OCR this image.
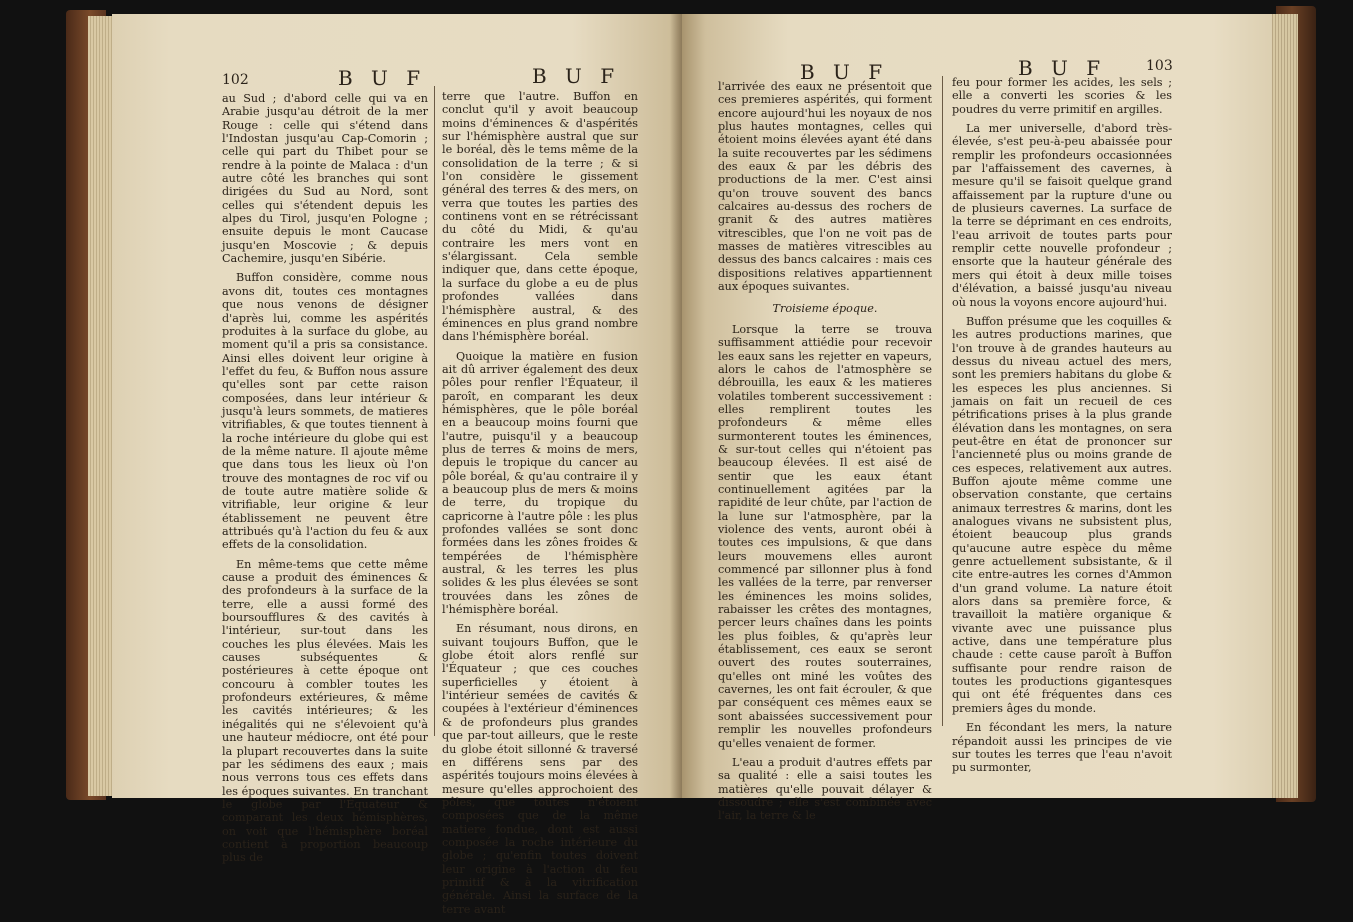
102	B U F	B U F

au Sud ; d'abord celle qui va en Arabie jusqu'au détroit de la mer Rouge : celle qui s'étend dans l'Indostan jusqu'au Cap-Comorin ; celle qui part du Thibet pour se rendre à la pointe de Malaca : d'un autre côté les branches qui sont dirigées du Sud au Nord, sont celles qui s'étendent depuis les alpes du Tirol, jusqu'en Pologne ; ensuite depuis le mont Caucase jusqu'en Moscovie ; & depuis Cachemire, jusqu'en Sibérie.

Buffon considère, comme nous avons dit, toutes ces montagnes que nous venons de désigner d'après lui, comme les aspérités produites à la surface du globe, au moment qu'il a pris sa consistance. Ainsi elles doivent leur origine à l'effet du feu, & Buffon nous assure qu'elles sont par cette raison composées, dans leur intérieur & jusqu'à leurs sommets, de matieres vitrifiables, & que toutes tiennent à la roche intérieure du globe qui est de la même nature. Il ajoute même que dans tous les lieux où l'on trouve des montagnes de roc vif ou de toute autre matière solide & vitrifiable, leur origine & leur établissement ne peuvent être attribués qu'à l'action du feu & aux effets de la consolidation.

En même-tems que cette même cause a produit des éminences & des profondeurs à la surface de la terre, elle a aussi formé des boursoufflures & des cavités à l'intérieur, sur-tout dans les couches les plus élevées. Mais les causes subséquentes & postérieures à cette époque ont concouru à combler toutes les profondeurs extérieures, & même les cavités intérieures; & les inégalités qui ne s'élevoient qu'à une hauteur médiocre, ont été pour la plupart recouvertes dans la suite par les sédimens des eaux ; mais nous verrons tous ces effets dans les époques suivantes. En tranchant le globe par l'Équateur & comparant les deux hémisphères, on voit que l'hémisphère boréal contient à proportion beaucoup plus de

terre que l'autre. Buffon en conclut qu'il y avoit beaucoup moins d'éminences & d'aspérités sur l'hémisphère austral que sur le boréal, dès le tems même de la consolidation de la terre ; & si l'on considère le gissement général des terres & des mers, on verra que toutes les parties des continens vont en se rétrécissant du côté du Midi, & qu'au contraire les mers vont en s'élargissant. Cela semble indiquer que, dans cette époque, la surface du globe a eu de plus profondes vallées dans l'hémisphère austral, & des éminences en plus grand nombre dans l'hémisphère boréal.

Quoique la matière en fusion ait dû arriver également des deux pôles pour renfler l'Équateur, il paroît, en comparant les deux hémisphères, que le pôle boréal en a beaucoup moins fourni que l'autre, puisqu'il y a beaucoup plus de terres & moins de mers, depuis le tropique du cancer au pôle boréal, & qu'au contraire il y a beaucoup plus de mers & moins de terre, du tropique du capricorne à l'autre pôle : les plus profondes vallées se sont donc formées dans les zônes froides & tempérées de l'hémisphère austral, & les terres les plus solides & les plus élevées se sont trouvées dans les zônes de l'hémisphère boréal.

En résumant, nous dirons, en suivant toujours Buffon, que le globe étoit alors renflé sur l'Équateur ; que ces couches superficielles y étoient à l'intérieur semées de cavités & coupées à l'extérieur d'éminences & de profondeurs plus grandes que par-tout ailleurs, que le reste du globe étoit sillonné & traversé en différens sens par des aspérités toujours moins élevées à mesure qu'elles approchoient des pôles, que toutes n'étoient composées que de la même matiere fondue, dont est aussi composée la roche intérieure du globe ; qu'enfin toutes doivent leur origine à l'action du feu primitif & à la vitrification générale. Ainsi la surface de la terre avant

B U F	B U F	103

l'arrivée des eaux ne présentoit que ces premieres aspérités, qui forment encore aujourd'hui les noyaux de nos plus hautes montagnes, celles qui étoient moins élevées ayant été dans la suite recouvertes par les sédimens des eaux & par les débris des productions de la mer. C'est ainsi qu'on trouve souvent des bancs calcaires au-dessus des rochers de granit & des autres matières vitrescibles, que l'on ne voit pas de masses de matières vitrescibles au dessus des bancs calcaires : mais ces dispositions relatives appartiennent aux époques suivantes.

Troisieme époque.

Lorsque la terre se trouva suffisamment attiédie pour recevoir les eaux sans les rejetter en vapeurs, alors le cahos de l'atmosphère se débrouilla, les eaux & les matieres volatiles tomberent successivement : elles remplirent toutes les profondeurs & même elles surmonterent toutes les éminences, & sur-tout celles qui n'étoient pas beaucoup élevées. Il est aisé de sentir que les eaux étant continuellement agitées par la rapidité de leur chûte, par l'action de la lune sur l'atmosphère, par la violence des vents, auront obéi à toutes ces impulsions, & que dans leurs mouvemens elles auront commencé par sillonner plus à fond les vallées de la terre, par renverser les éminences les moins solides, rabaisser les crêtes des montagnes, percer leurs chaînes dans les points les plus foibles, & qu'après leur établissement, ces eaux se seront ouvert des routes souterraines, qu'elles ont miné les voûtes des cavernes, les ont fait écrouler, & que par conséquent ces mêmes eaux se sont abaissées successivement pour remplir les nouvelles profondeurs qu'elles venaient de former.

L'eau a produit d'autres effets par sa qualité : elle a saisi toutes les matières qu'elle pouvait délayer & dissoudre ; elle s'est combinée avec l'air, la terre & le

feu pour former les acides, les sels ; elle a converti les scories & les poudres du verre primitif en argilles.

La mer universelle, d'abord très-élevée, s'est peu-à-peu abaissée pour remplir les profondeurs occasionnées par l'affaissement des cavernes, à mesure qu'il se faisoit quelque grand affaissement par la rupture d'une ou de plusieurs cavernes. La surface de la terre se déprimant en ces endroits, l'eau arrivoit de toutes parts pour remplir cette nouvelle profondeur ; ensorte que la hauteur générale des mers qui étoit à deux mille toises d'élévation, a baissé jusqu'au niveau où nous la voyons encore aujourd'hui.

Buffon présume que les coquilles & les autres productions marines, que l'on trouve à de grandes hauteurs au dessus du niveau actuel des mers, sont les premiers habitans du globe & les especes les plus anciennes. Si jamais on fait un recueil de ces pétrifications prises à la plus grande élévation dans les montagnes, on sera peut-être en état de prononcer sur l'ancienneté plus ou moins grande de ces especes, relativement aux autres. Buffon ajoute même comme une observation constante, que certains animaux terrestres & marins, dont les analogues vivans ne subsistent plus, étoient beaucoup plus grands qu'aucune autre espèce du même genre actuellement subsistante, & il cite entre-autres les cornes d'Ammon d'un grand volume. La nature étoit alors dans sa première force, & travailloit la matière organique & vivante avec une puissance plus active, dans une température plus chaude : cette cause paroît à Buffon suffisante pour rendre raison de toutes les productions gigantesques qui ont été fréquentes dans ces premiers âges du monde.

En fécondant les mers, la nature répandoit aussi les principes de vie sur toutes les terres que l'eau n'avoit pu surmonter,
